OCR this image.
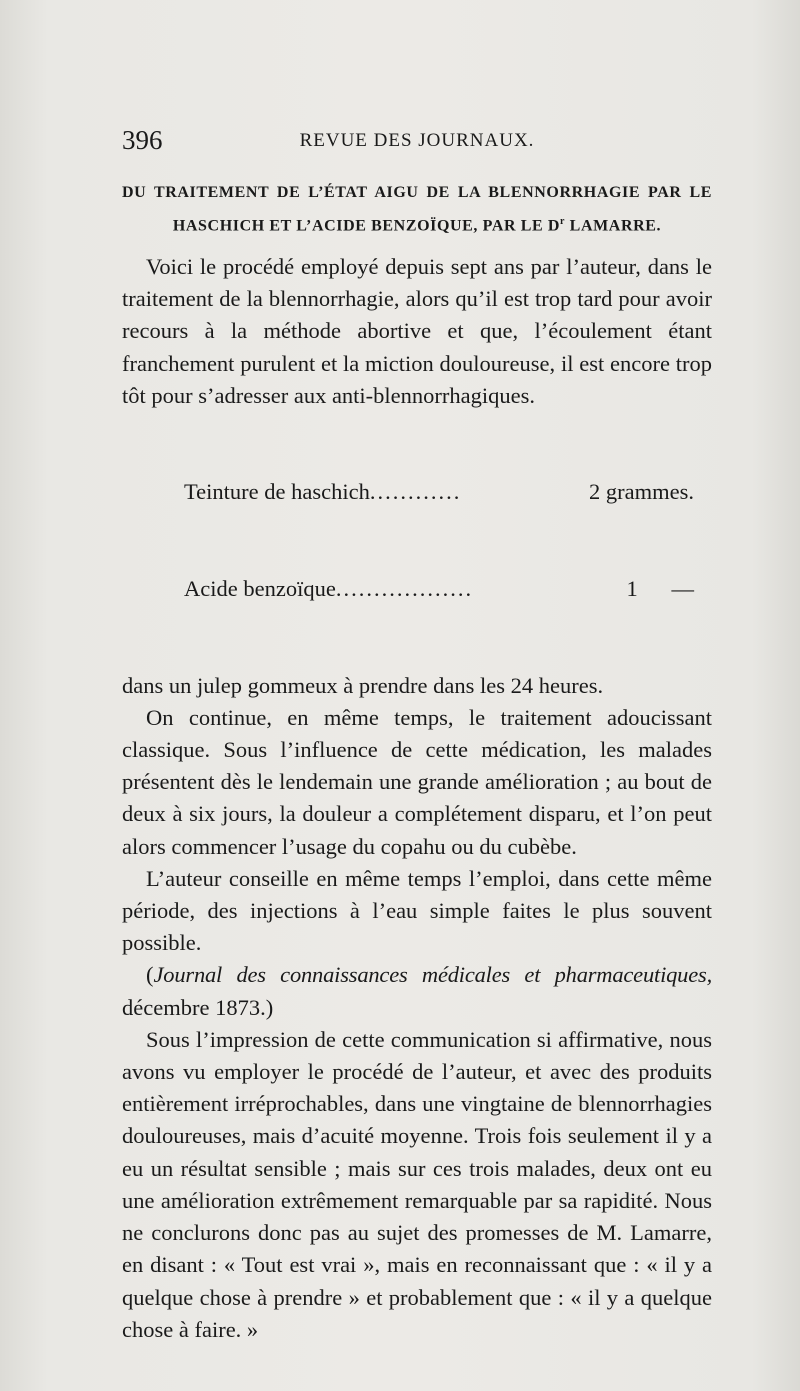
396	REVUE DES JOURNAUX.
DU TRAITEMENT DE L’ÉTAT AIGU DE LA BLENNORRHAGIE PAR LE
HASCHICH ET L’ACIDE BENZOÏQUE, PAR LE $D^r$ LAMARRE.

Voici le procédé employé depuis sept ans par l’auteur, dans le traitement de la blennorrhagie, alors qu’il est trop tard pour avoir recours à la méthode abortive et que, l’écoulement étant franchement purulent et la miction douloureuse, il est encore trop tôt pour s’adresser aux anti-blennorrhagiques.

Teinture de haschich ............	2 grammes.

Acide benzoïque ..................	1      —

dans un julep gommeux à prendre dans les 24 heures.

On continue, en même temps, le traitement adoucissant classique. Sous l’influence de cette médication, les malades présentent dès le lendemain une grande amélioration ; au bout de deux à six jours, la douleur a complétement disparu, et l’on peut alors commencer l’usage du copahu ou du cubèbe.

L’auteur conseille en même temps l’emploi, dans cette même période, des injections à l’eau simple faites le plus souvent possible.

(Journal des connaissances médicales et pharmaceutiques, décembre 1873.)

Sous l’impression de cette communication si affirmative, nous avons vu employer le procédé de l’auteur, et avec des produits entièrement irréprochables, dans une vingtaine de blennorrhagies douloureuses, mais d’acuité moyenne. Trois fois seulement il y a eu un résultat sensible ; mais sur ces trois malades, deux ont eu une amélioration extrêmement remarquable par sa rapidité. Nous ne conclurons donc pas au sujet des promesses de M. Lamarre, en disant : « Tout est vrai », mais en reconnaissant que : « il y a quelque chose à prendre » et probablement que : « il y a quelque chose à faire. »
